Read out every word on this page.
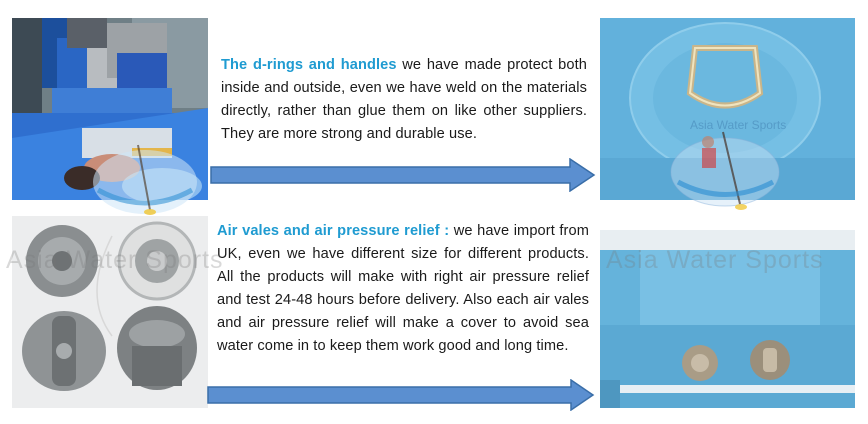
The d-rings and handles we have made protect both inside and outside, even we have weld on the materials directly, rather than glue them on like other suppliers. They are more strong and durable use.
Asia Water Sports
Air vales and air pressure relief : we have import from UK, even we have different size for different products. All the products will make with right air pressure relief and test 24-48 hours before delivery. Also each air vales and air pressure relief will make a cover to avoid sea water come in to keep them work good and long time.
Asia Water Sports	Asia Water Sports
